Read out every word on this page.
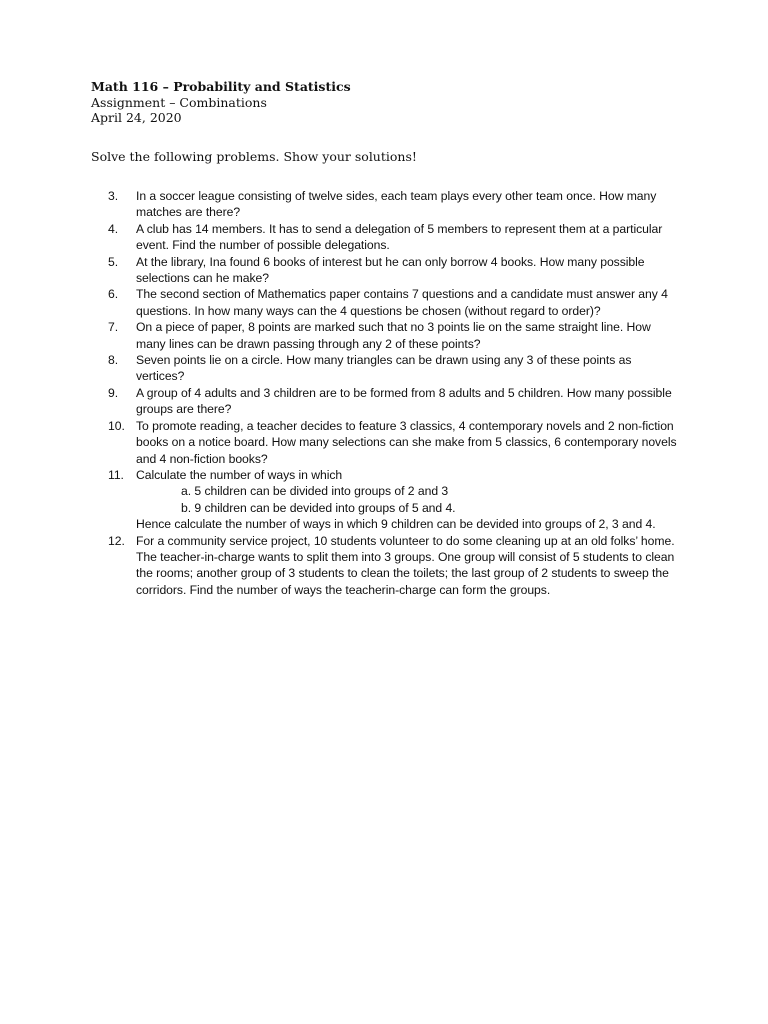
Math 116 – Probability and Statistics
Assignment – Combinations
April 24, 2020
Solve the following problems. Show your solutions!
3.	In a soccer league consisting of twelve sides, each team plays every other team once. How many matches are there?
4.	A club has 14 members. It has to send a delegation of 5 members to represent them at a particular event. Find the number of possible delegations.
5.	At the library, Ina found 6 books of interest but he can only borrow 4 books. How many possible selections can he make?
6.	The second section of Mathematics paper contains 7 questions and a candidate must answer any 4 questions. In how many ways can the 4 questions be chosen (without regard to order)?
7.	On a piece of paper, 8 points are marked such that no 3 points lie on the same straight line. How many lines can be drawn passing through any 2 of these points?
8.	Seven points lie on a circle. How many triangles can be drawn using any 3 of these points as vertices?
9.	A group of 4 adults and 3 children are to be formed from 8 adults and 5 children. How many possible groups are there?
10. To promote reading, a teacher decides to feature 3 classics, 4 contemporary novels and 2 non-fiction books on a notice board. How many selections can she make from 5 classics, 6 contemporary novels and 4 non-fiction books?
11. Calculate the number of ways in which
a. 5 children can be divided into groups of 2 and 3
b. 9 children can be devided into groups of 5 and 4.
Hence calculate the number of ways in which 9 children can be devided into groups of 2, 3 and 4.
12. For a community service project, 10 students volunteer to do some cleaning up at an old folks’ home. The teacher-in-charge wants to split them into 3 groups. One group will consist of 5 students to clean the rooms; another group of 3 students to clean the toilets; the last group of 2 students to sweep the corridors. Find the number of ways the teacherin-charge can form the groups.
